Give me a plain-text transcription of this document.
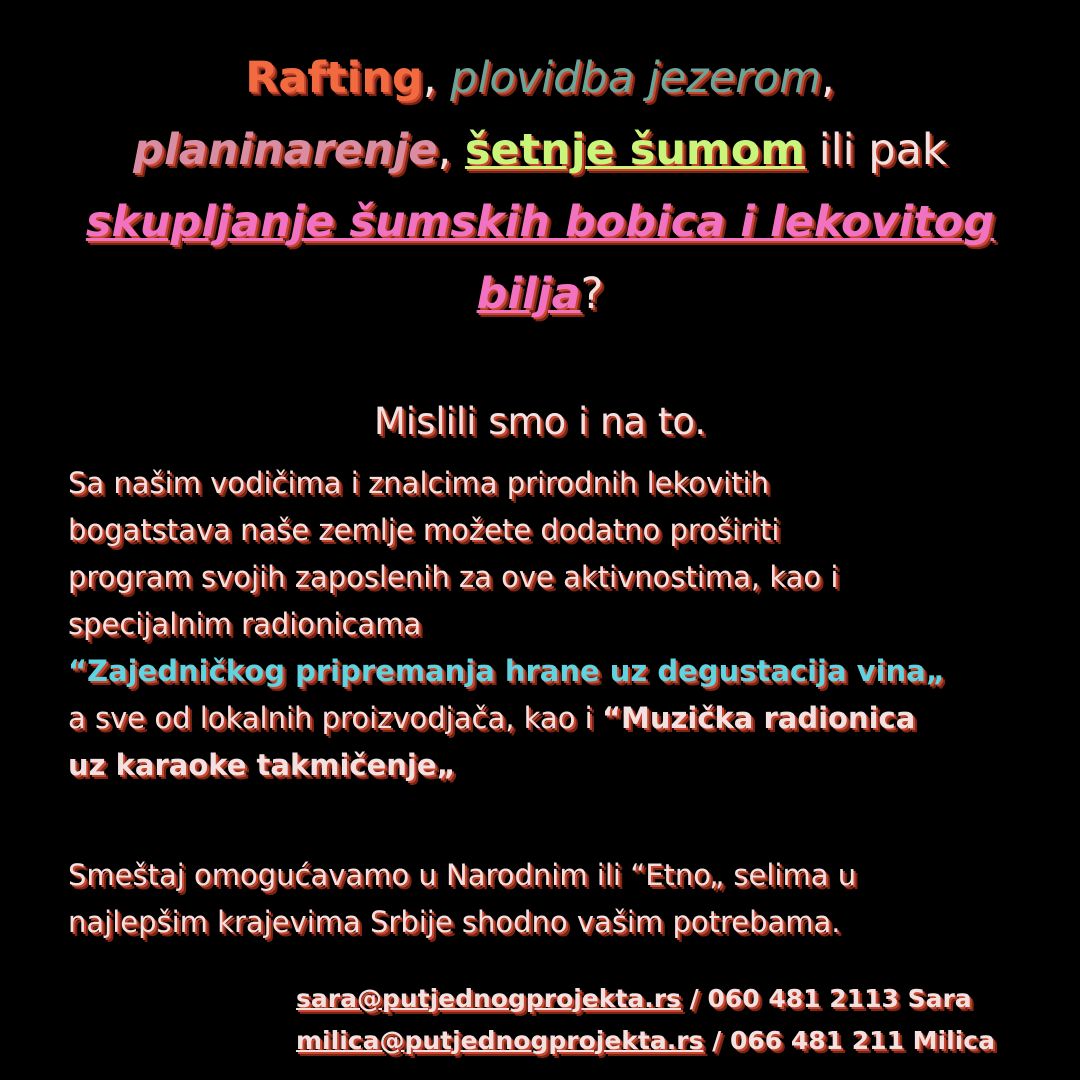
Rafting, plovidba jezerom,
planinarenje, šetnje šumom ili pak
skupljanje šumskih bobica i lekovitog
bilja?
Mislili smo i na to.
Sa našim vodičima i znalcima prirodnih lekovitih
bogatstava naše zemlje možete dodatno proširiti
program svojih zaposlenih za ove aktivnostima, kao i
specijalnim radionicama
“Zajedničkog pripremanja hrane uz degustacija vina„
a sve od lokalnih proizvodjača, kao i “Muzička radionica
uz karaoke takmičenje„
Smeštaj omogućavamo u Narodnim ili “Etno„ selima u
najlepšim krajevima Srbije shodno vašim potrebama.
sara@putjednogprojekta.rs / 060 481 2113 Sara
milica@putjednogprojekta.rs / 066 481 211 Milica
